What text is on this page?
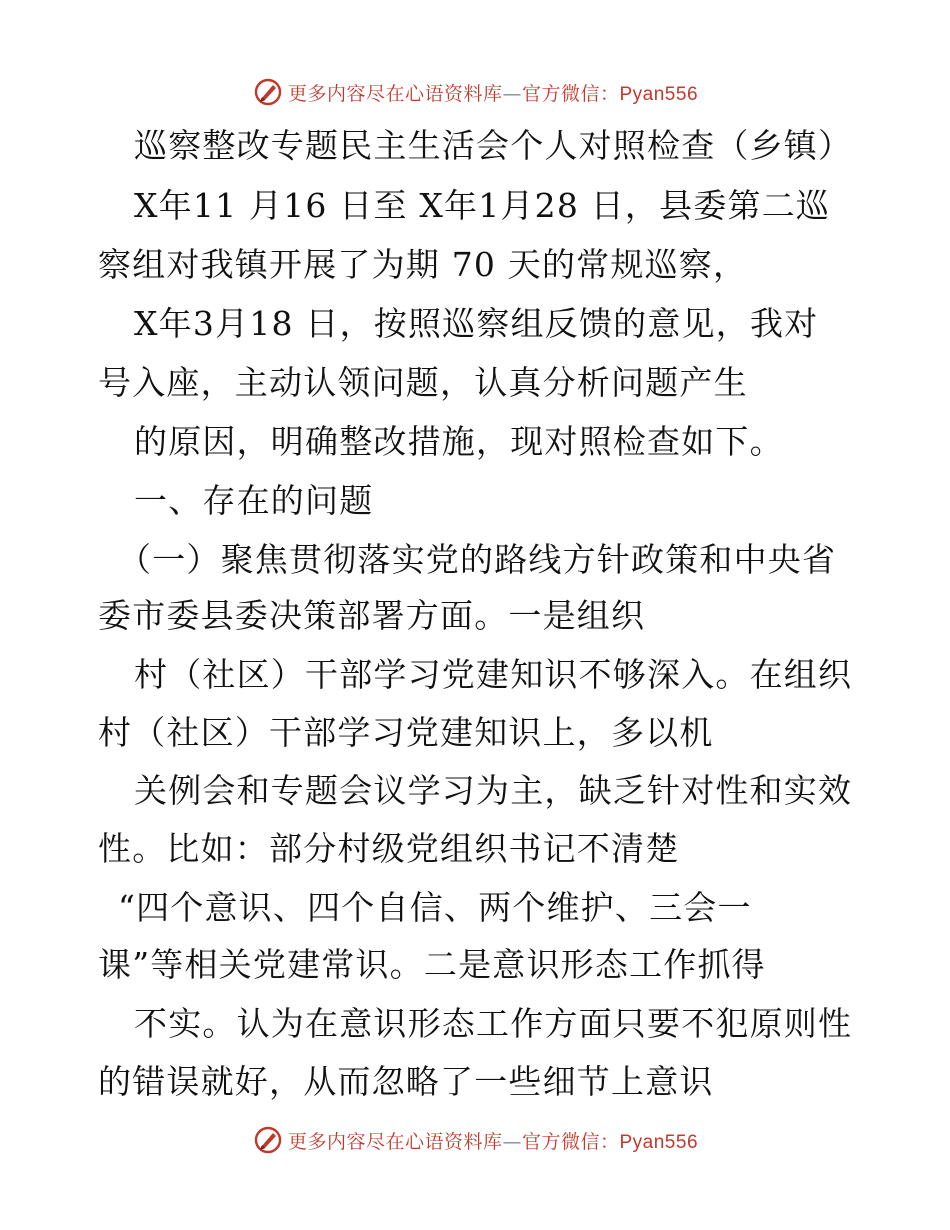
更多内容尽在心语资料库—官方微信：Pyan556
巡察整改专题民主生活会个人对照检查（乡镇）
X年11 月16 日至 X年1月28 日，县委第二巡
察组对我镇开展了为期 70 天的常规巡察，
X年3月18 日，按照巡察组反馈的意见，我对
号入座，主动认领问题，认真分析问题产生
的原因，明确整改措施，现对照检查如下。
一、存在的问题
（一）聚焦贯彻落实党的路线方针政策和中央省
委市委县委决策部署方面。一是组织
村（社区）干部学习党建知识不够深入。在组织
村（社区）干部学习党建知识上，多以机
关例会和专题会议学习为主，缺乏针对性和实效
性。比如：部分村级党组织书记不清楚
“四个意识、四个自信、两个维护、三会一
课”等相关党建常识。二是意识形态工作抓得
不实。认为在意识形态工作方面只要不犯原则性
的错误就好，从而忽略了一些细节上意识
更多内容尽在心语资料库—官方微信：Pyan556
